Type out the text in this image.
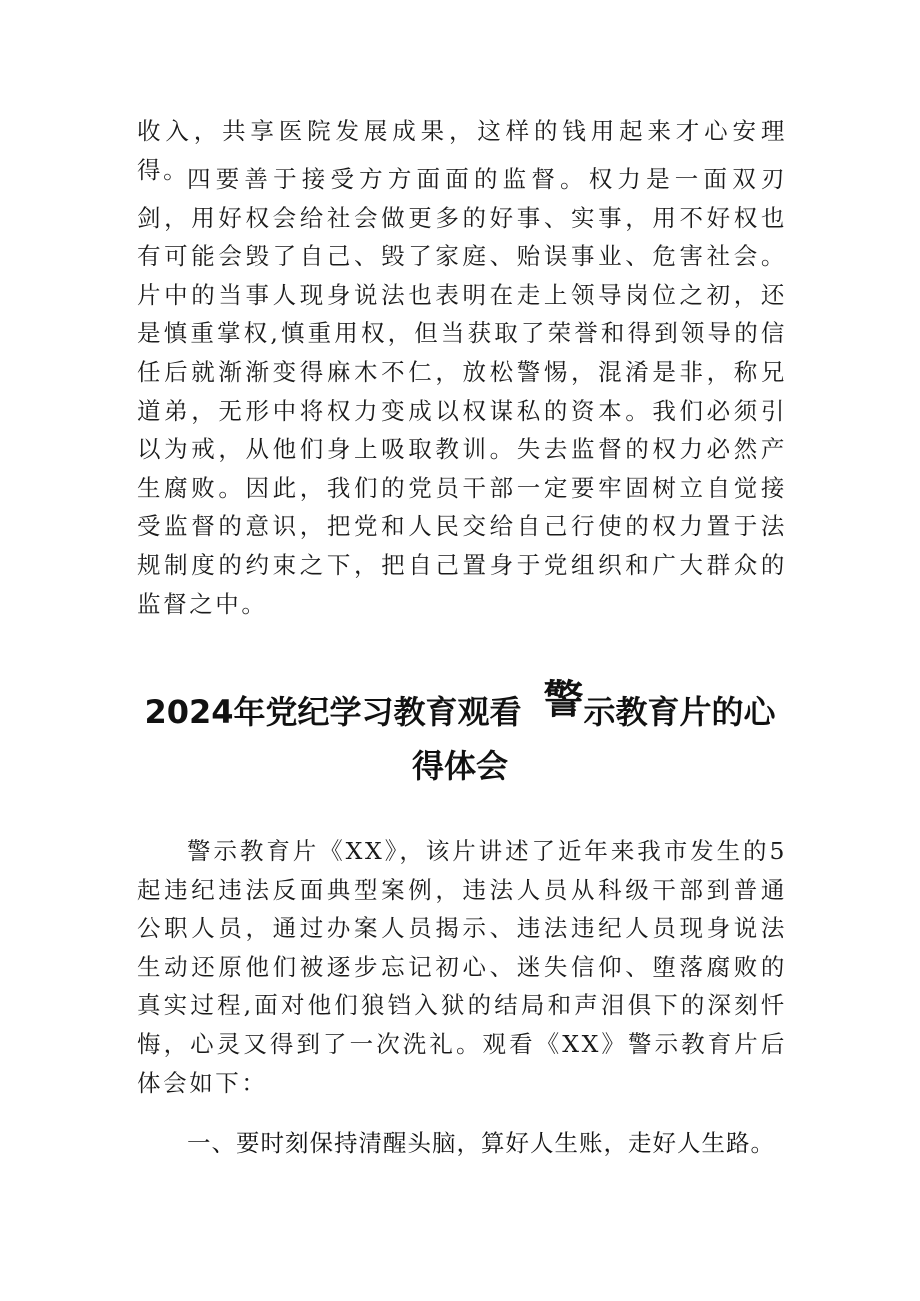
收入，共享医院发展成果，这样的钱用起来才心安理得。

四要善于接受方方面面的监督。权力是一面双刃剑，用好权会给社会做更多的好事、实事，用不好权也有可能会毁了自己、毁了家庭、贻误事业、危害社会。片中的当事人现身说法也表明在走上领导岗位之初，还是慎重掌权,慎重用权，但当获取了荣誉和得到领导的信任后就渐渐变得麻木不仁，放松警惕，混淆是非，称兄道弟，无形中将权力变成以权谋私的资本。我们必须引以为戒，从他们身上吸取教训。失去监督的权力必然产生腐败。因此，我们的党员干部一定要牢固树立自觉接受监督的意识，把党和人民交给自己行使的权力置于法规制度的约束之下，把自己置身于党组织和广大群众的监督之中。

2024年党纪学习教育观看 警示教育片的心
得体会

警示教育片《XX》，该片讲述了近年来我市发生的5起违纪违法反面典型案例，违法人员从科级干部到普通公职人员，通过办案人员揭示、违法违纪人员现身说法生动还原他们被逐步忘记初心、迷失信仰、堕落腐败的真实过程,面对他们狼铛入狱的结局和声泪俱下的深刻忏悔，心灵又得到了一次洗礼。观看《XX》警示教育片后体会如下：

一、要时刻保持清醒头脑，算好人生账，走好人生路。
